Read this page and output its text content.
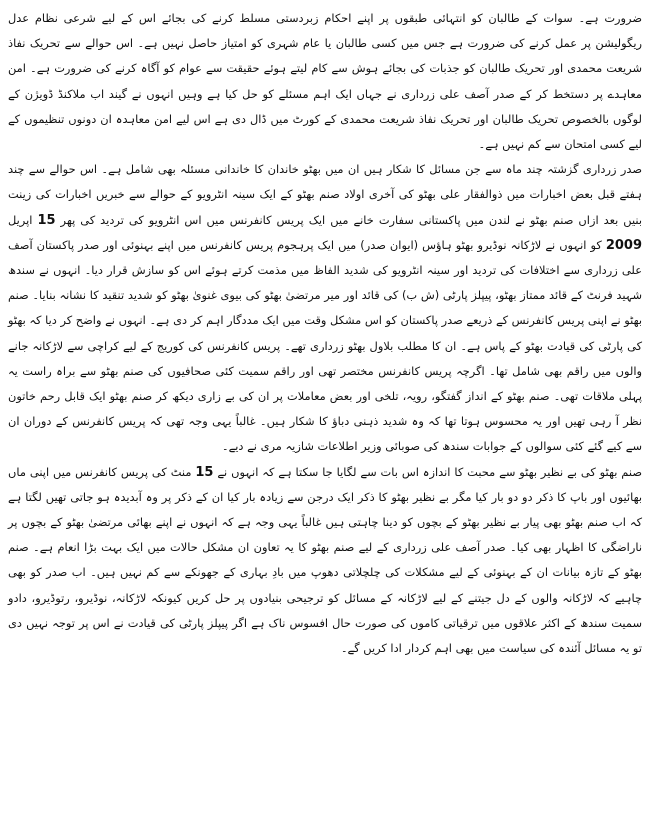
ضرورت ہے۔ سوات کے طالبان کو انتہائی طبقوں پر اپنے احکام زبردستی مسلط کرنے کی بجائے اس کے لیے شرعی نظام عدل ریگولیشن پر عمل کرنے کی ضرورت ہے جس میں کسی طالبان یا عام شہری کو امتیاز حاصل نہیں ہے۔ اس حوالے سے تحریک نفاذ شریعت محمدی اور تحریک طالبان کو جذبات کی بجائے ہوش سے کام لیتے ہوئے حقیقت سے عوام کو آگاہ کرنے کی ضرورت ہے۔ امن معاہدے پر دستخط کر کے صدر آصف علی زرداری نے جہاں ایک اہم مسئلے کو حل کیا ہے وہیں انہوں نے گیند اب ملاکنڈ ڈویژن کے لوگوں بالخصوص تحریک طالبان اور تحریک نفاذ شریعت محمدی کے کورٹ میں ڈال دی ہے اس لیے امن معاہدہ ان دونوں تنظیموں کے لیے کسی امتحان سے کم نہیں ہے۔

صدر زرداری گزشتہ چند ماہ سے جن مسائل کا شکار ہیں ان میں بھٹو خاندان کا خاندانی مسئلہ بھی شامل ہے۔ اس حوالے سے چند ہفتے قبل بعض اخبارات میں ذوالفقار علی بھٹو کی آخری اولاد صنم بھٹو کے ایک سینہ انٹرویو کے حوالے سے خبریں اخبارات کی زینت بنیں بعد ازاں صنم بھٹو نے لندن میں پاکستانی سفارت خانے میں ایک پریس کانفرنس میں اس انٹرویو کی تردید کی پھر 15 اپریل 2009 کو انہوں نے لاڑکانہ نوڈیرو بھٹو ہاؤس (ایوان صدر) میں ایک پرہجوم پریس کانفرنس میں اپنے بہنوئی اور صدر پاکستان آصف علی زرداری سے اختلافات کی تردید اور سینہ انٹرویو کی شدید الفاظ میں مذمت کرتے ہوئے اس کو سازش قرار دیا۔ انہوں نے سندھ شہید فرنٹ کے قائد ممتاز بھٹو، پیپلز پارٹی (ش ب) کی قائد اور میر مرتضیٰ بھٹو کی بیوی غنویٰ بھٹو کو شدید تنقید کا نشانہ بنایا۔ صنم بھٹو نے اپنی پریس کانفرنس کے ذریعے صدر پاکستان کو اس مشکل وقت میں ایک مددگار اہم کر دی ہے۔ انہوں نے واضح کر دیا کہ بھٹو کی پارٹی کی قیادت بھٹو کے پاس ہے۔ ان کا مطلب بلاول بھٹو زرداری تھے۔ پریس کانفرنس کی کوریج کے لیے کراچی سے لاڑکانہ جانے والوں میں راقم بھی شامل تھا۔ اگرچہ پریس کانفرنس مختصر تھی اور راقم سمیت کئی صحافیوں کی صنم بھٹو سے براہ راست یہ پہلی ملاقات تھی۔ صنم بھٹو کے انداز گفتگو، رویہ، تلخی اور بعض معاملات پر ان کی بے زاری دیکھ کر صنم بھٹو ایک قابل رحم خاتون نظر آ رہی تھیں اور یہ محسوس ہوتا تھا کہ وہ شدید ذہنی دباؤ کا شکار ہیں۔ غالباً یہی وجہ تھی کہ پریس کانفرنس کے دوران ان سے کیے گئے کئی سوالوں کے جوابات سندھ کی صوبائی وزیر اطلاعات شازیہ مری نے دیے۔

صنم بھٹو کی بے نظیر بھٹو سے محبت کا اندازہ اس بات سے لگایا جا سکتا ہے کہ انہوں نے 15 منٹ کی پریس کانفرنس میں اپنی ماں بھائیوں اور باپ کا ذکر دو دو بار کیا مگر بے نظیر بھٹو کا ذکر ایک درجن سے زیادہ بار کیا ان کے ذکر پر وہ آبدیدہ ہو جاتی تھیں لگتا ہے کہ اب صنم بھٹو بھی پیار بے نظیر بھٹو کے بچوں کو دینا چاہتی ہیں غالباً یہی وجہ ہے کہ انہوں نے اپنے بھائی مرتضیٰ بھٹو کے بچوں پر ناراضگی کا اظہار بھی کیا۔ صدر آصف علی زرداری کے لیے صنم بھٹو کا یہ تعاون ان مشکل حالات میں ایک بہت بڑا انعام ہے۔ صنم بھٹو کے تازہ بیانات ان کے بہنوئی کے لیے مشکلات کی چلچلاتی دھوپ میں بادِ بہاری کے جھونکے سے کم نہیں ہیں۔ اب صدر کو بھی چاہیے کہ لاڑکانہ والوں کے دل جیتنے کے لیے لاڑکانہ کے مسائل کو ترجیحی بنیادوں پر حل کریں کیونکہ لاڑکانہ، نوڈیرو، رتوڈیرو، دادو سمیت سندھ کے اکثر علاقوں میں ترقیاتی کاموں کی صورت حال افسوس ناک ہے اگر پیپلز پارٹی کی قیادت نے اس پر توجہ نہیں دی تو یہ مسائل آئندہ کی سیاست میں بھی اہم کردار ادا کریں گے۔
